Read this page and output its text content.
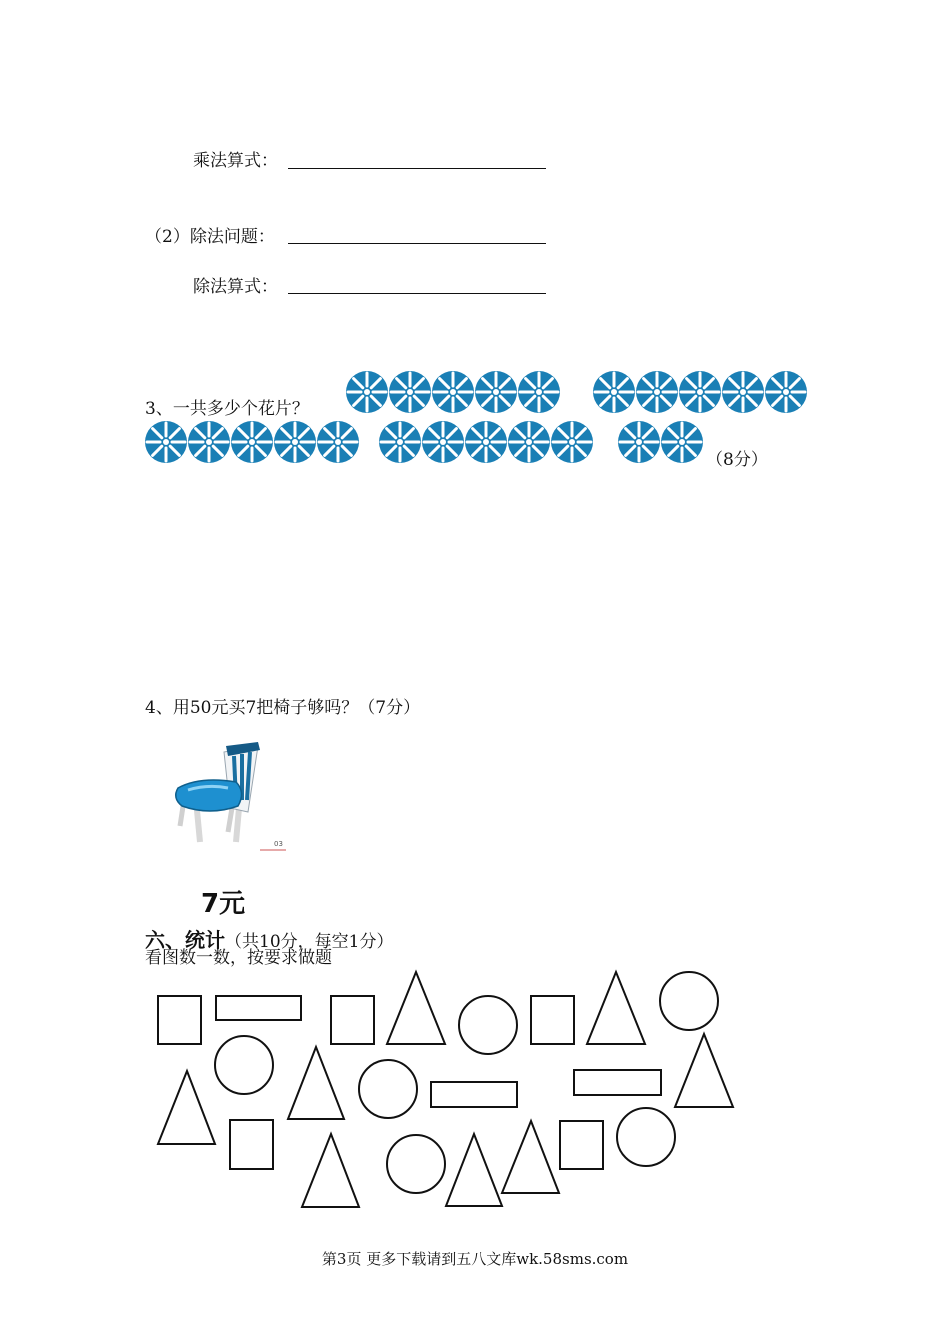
乘法算式：
（2）除法问题：
除法算式：
3、一共多少个花片？
（8分）
4、用50元买7把椅子够吗？（7分）
03
7元
六、统计（共10分，每空1分）
看图数一数，按要求做题
第3页 更多下载请到五八文库wk.58sms.com
